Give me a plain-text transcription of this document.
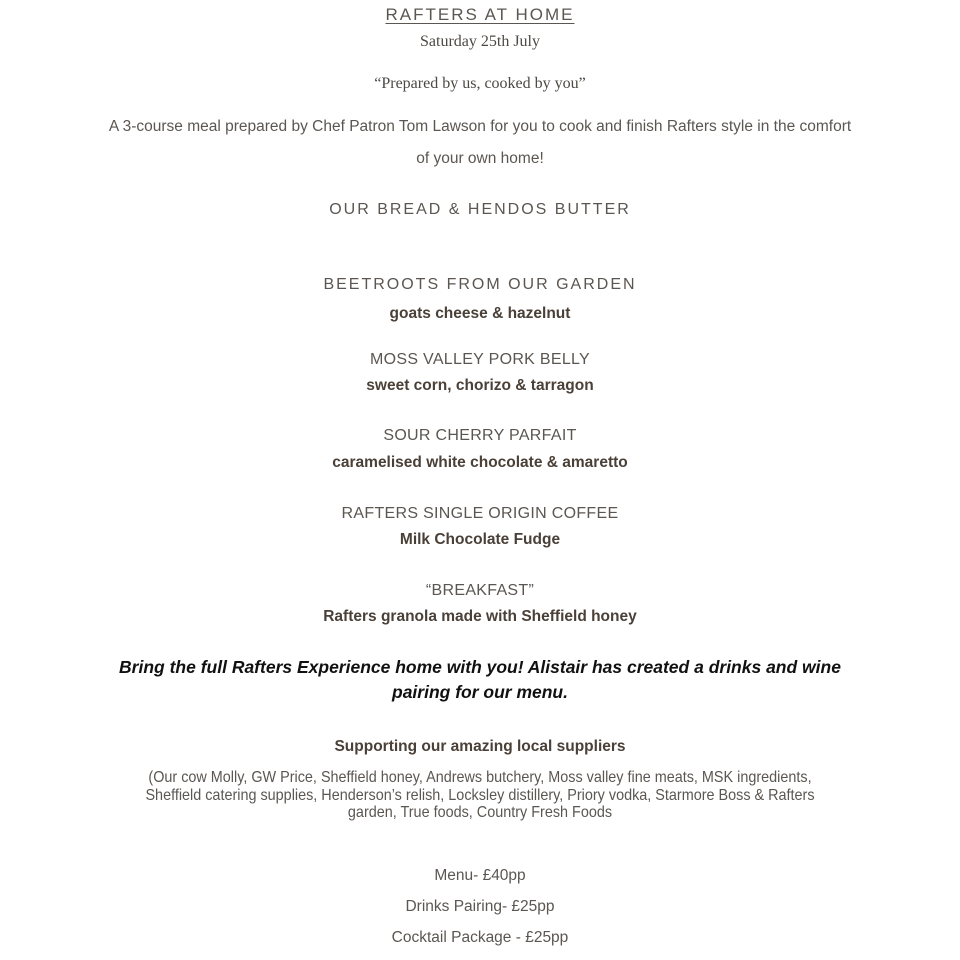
RAFTERS AT HOME
Saturday 25th July
“Prepared by us, cooked by you”
A 3-course meal prepared by Chef Patron Tom Lawson for you to cook and finish Rafters style in the comfort
of your own home!
OUR BREAD & HENDOS BUTTER
BEETROOTS FROM OUR GARDEN
goats cheese & hazelnut
MOSS VALLEY PORK BELLY
sweet corn, chorizo & tarragon
SOUR CHERRY PARFAIT
caramelised white chocolate & amaretto
RAFTERS SINGLE ORIGIN COFFEE
Milk Chocolate Fudge
“BREAKFAST”
Rafters granola made with Sheffield honey
Bring the full Rafters Experience home with you! Alistair has created a drinks and wine
pairing for our menu.
Supporting our amazing local suppliers
(Our cow Molly, GW Price, Sheffield honey, Andrews butchery, Moss valley fine meats, MSK ingredients, Sheffield catering supplies, Henderson’s relish, Locksley distillery, Priory vodka, Starmore Boss & Rafters garden, True foods, Country Fresh Foods
Menu- £40pp
Drinks Pairing- £25pp
Cocktail Package - £25pp
